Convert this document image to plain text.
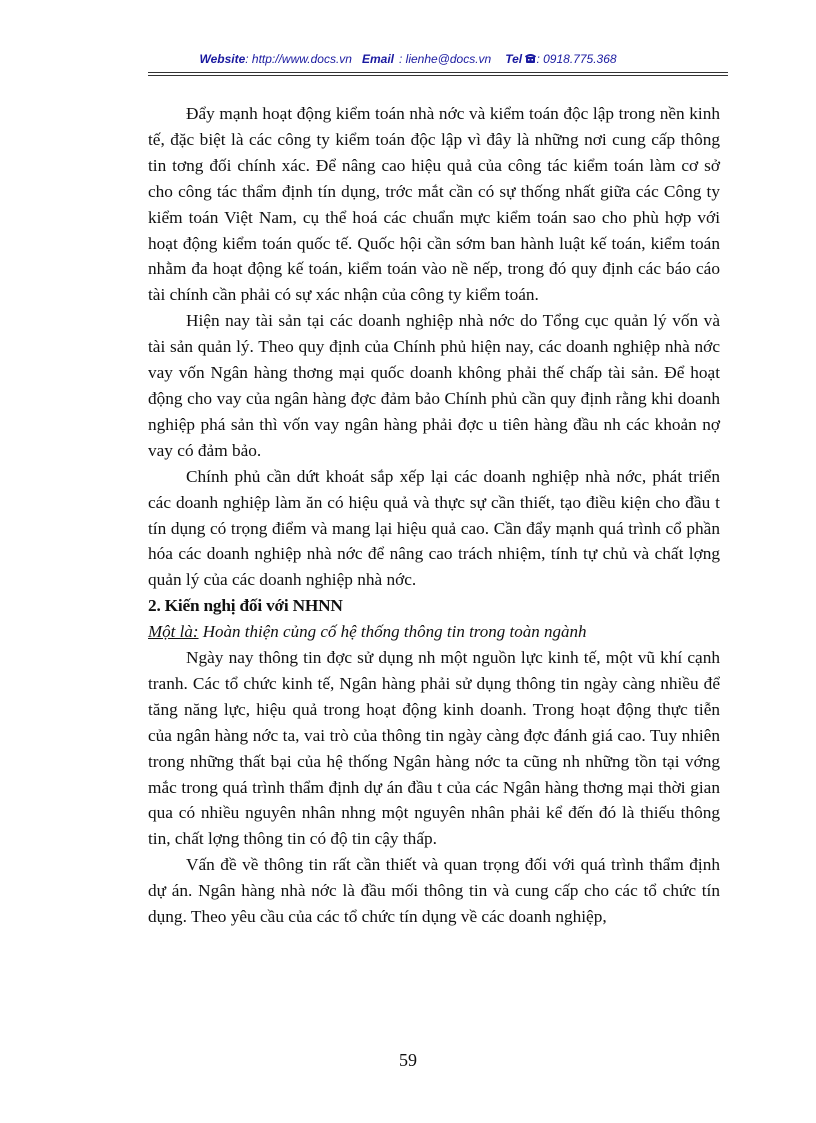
Website: http://www.docs.vn Email : lienhe@docs.vn Tel : 0918.775.368

Đẩy mạnh hoạt động kiểm toán nhà nớc và kiểm toán độc lập trong nền kinh tế, đặc biệt là các công ty kiểm toán độc lập vì đây là những nơi cung cấp thông tin tơng đối chính xác. Để nâng cao hiệu quả của công tác kiểm toán làm cơ sở cho công tác thẩm định tín dụng, trớc mắt cần có sự thống nhất giữa các Công ty kiểm toán Việt Nam, cụ thể hoá các chuẩn mực kiểm toán sao cho phù hợp với hoạt động kiểm toán quốc tế. Quốc hội cần sớm ban hành luật kế toán, kiểm toán nhằm đa hoạt động kế toán, kiểm toán vào nề nếp, trong đó quy định các báo cáo tài chính cần phải có sự xác nhận của công ty kiểm toán.

Hiện nay tài sản tại các doanh nghiệp nhà nớc do Tổng cục quản lý vốn và tài sản quản lý. Theo quy định của Chính phủ hiện nay, các doanh nghiệp nhà nớc vay vốn Ngân hàng thơng mại quốc doanh không phải thế chấp tài sản. Để hoạt động cho vay của ngân hàng đợc đảm bảo Chính phủ cần quy định rằng khi doanh nghiệp phá sản thì vốn vay ngân hàng phải đợc u tiên hàng đầu nh các khoản nợ vay có đảm bảo.

Chính phủ cần dứt khoát sắp xếp lại các doanh nghiệp nhà nớc, phát triển các doanh nghiệp làm ăn có hiệu quả và thực sự cần thiết, tạo điều kiện cho đầu t tín dụng có trọng điểm và mang lại hiệu quả cao. Cần đẩy mạnh quá trình cổ phần hóa các doanh nghiệp nhà nớc để nâng cao trách nhiệm, tính tự chủ và chất lợng quản lý của các doanh nghiệp nhà nớc.

2. Kiến nghị đối với NHNN
Một là: Hoàn thiện củng cố hệ thống thông tin trong toàn ngành

Ngày nay thông tin đợc sử dụng nh một nguồn lực kinh tế, một vũ khí cạnh tranh. Các tổ chức kinh tế, Ngân hàng phải sử dụng thông tin ngày càng nhiều để tăng năng lực, hiệu quả trong hoạt động kinh doanh. Trong hoạt động thực tiễn của ngân hàng nớc ta, vai trò của thông tin ngày càng đợc đánh giá cao. Tuy nhiên trong những thất bại của hệ thống Ngân hàng nớc ta cũng nh những tồn tại vớng mắc trong quá trình thẩm định dự án đầu t của các Ngân hàng thơng mại thời gian qua có nhiều nguyên nhân nhng một nguyên nhân phải kể đến đó là thiếu thông tin, chất lợng thông tin có độ tin cậy thấp.

Vấn đề về thông tin rất cần thiết và quan trọng đối với quá trình thẩm định dự án. Ngân hàng nhà nớc là đầu mối thông tin và cung cấp cho các tổ chức tín dụng. Theo yêu cầu của các tổ chức tín dụng về các doanh nghiệp,

59
